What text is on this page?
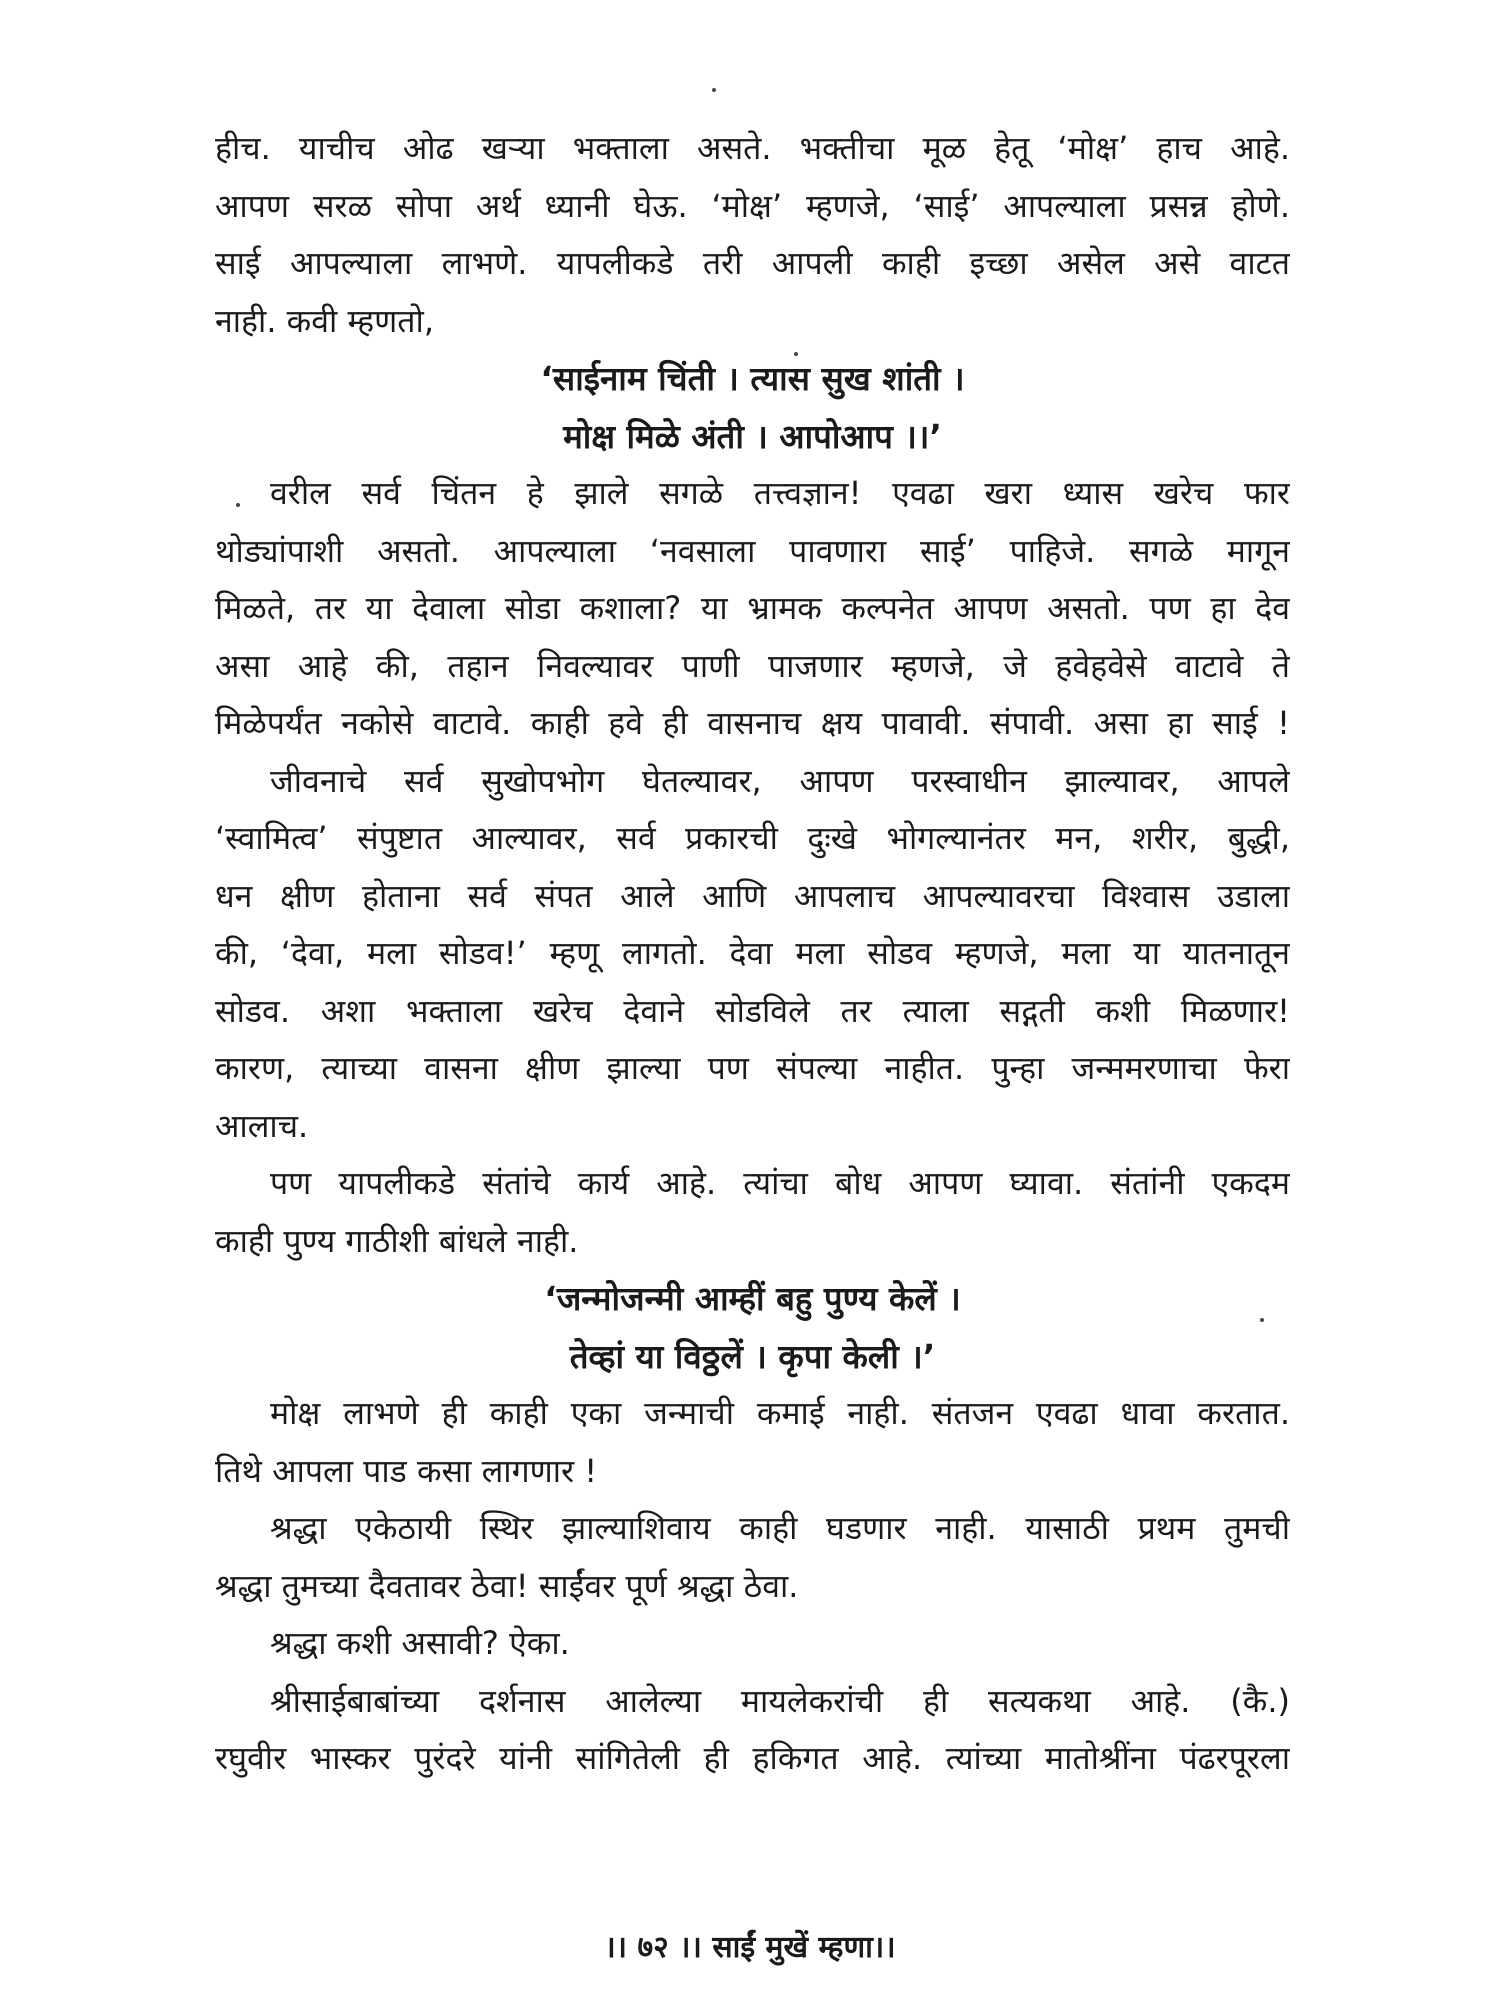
हीच. याचीच ओढ खऱ्या भक्ताला असते. भक्तीचा मूळ हेतू ‘मोक्ष’ हाच आहे.
आपण सरळ सोपा अर्थ ध्यानी घेऊ. ‘मोक्ष’ म्हणजे, ‘साई’ आपल्याला प्रसन्न होणे.
साई आपल्याला लाभणे. यापलीकडे तरी आपली काही इच्छा असेल असे वाटत
नाही. कवी म्हणतो,
‘साईनाम चिंती । त्यास सुख शांती ।
मोक्ष मिळे अंती । आपोआप ।।’
वरील सर्व चिंतन हे झाले सगळे तत्त्वज्ञान! एवढा खरा ध्यास खरेच फार
थोड्यांपाशी असतो. आपल्याला ‘नवसाला पावणारा साई’ पाहिजे. सगळे मागून
मिळते, तर या देवाला सोडा कशाला? या भ्रामक कल्पनेत आपण असतो. पण हा देव
असा आहे की, तहान निवल्यावर पाणी पाजणार म्हणजे, जे हवेहवेसे वाटावे ते
मिळेपर्यंत नकोसे वाटावे. काही हवे ही वासनाच क्षय पावावी. संपावी. असा हा साई !
जीवनाचे सर्व सुखोपभोग घेतल्यावर, आपण परस्वाधीन झाल्यावर, आपले
‘स्वामित्व’ संपुष्टात आल्यावर, सर्व प्रकारची दुःखे भोगल्यानंतर मन, शरीर, बुद्धी,
धन क्षीण होताना सर्व संपत आले आणि आपलाच आपल्यावरचा विश्वास उडाला
की, ‘देवा, मला सोडव!’ म्हणू लागतो. देवा मला सोडव म्हणजे, मला या यातनातून
सोडव. अशा भक्ताला खरेच देवाने सोडविले तर त्याला सद्गती कशी मिळणार!
कारण, त्याच्या वासना क्षीण झाल्या पण संपल्या नाहीत. पुन्हा जन्ममरणाचा फेरा
आलाच.
पण यापलीकडे संतांचे कार्य आहे. त्यांचा बोध आपण घ्यावा. संतांनी एकदम
काही पुण्य गाठीशी बांधले नाही.
‘जन्मोजन्मी आम्हीं बहु पुण्य केलें ।
तेव्हां या विठ्ठलें । कृपा केली ।’
मोक्ष लाभणे ही काही एका जन्माची कमाई नाही. संतजन एवढा धावा करतात.
तिथे आपला पाड कसा लागणार !
श्रद्धा एकेठायी स्थिर झाल्याशिवाय काही घडणार नाही. यासाठी प्रथम तुमची
श्रद्धा तुमच्या दैवतावर ठेवा! साईंवर पूर्ण श्रद्धा ठेवा.
श्रद्धा कशी असावी? ऐका.
श्रीसाईबाबांच्या दर्शनास आलेल्या मायलेकरांची ही सत्यकथा आहे. (कै.)
रघुवीर भास्कर पुरंदरे यांनी सांगितेली ही हकिगत आहे. त्यांच्या मातोश्रींना पंढरपूरला
।। ७२ ।। साईं मुखें म्हणा।।
